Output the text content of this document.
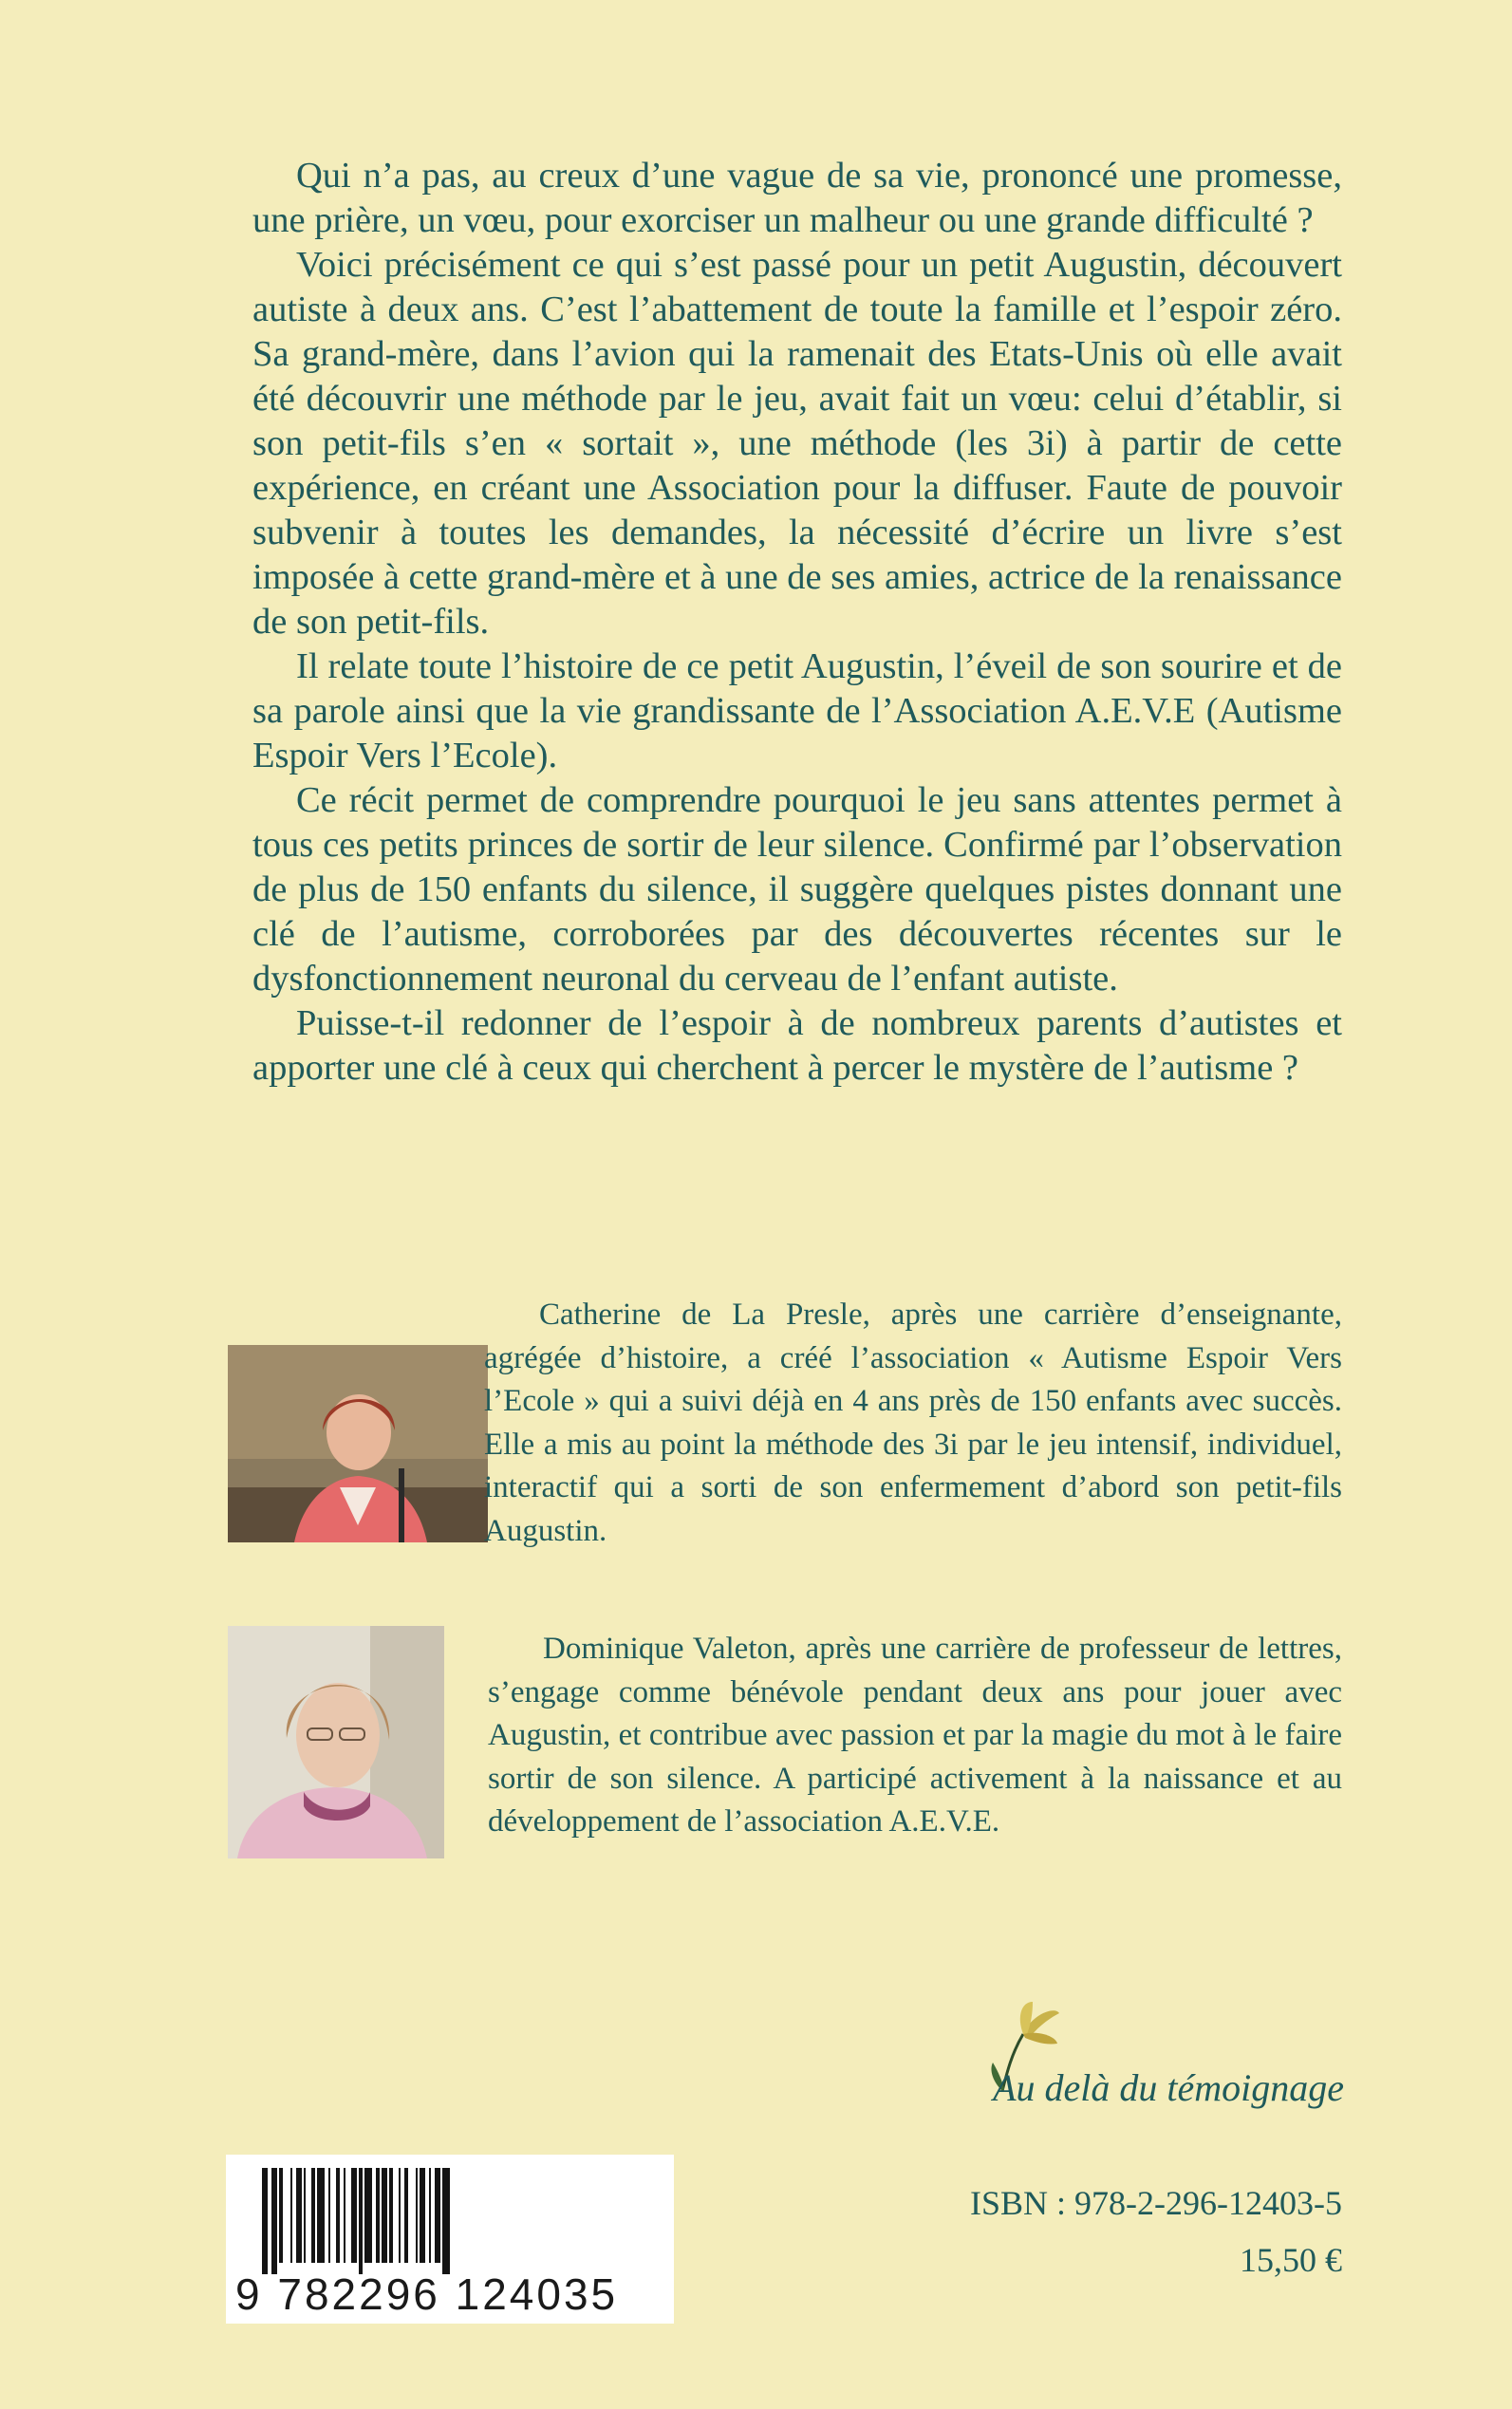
Qui n’a pas, au creux d’une vague de sa vie, prononcé une promesse, une prière, un vœu, pour exorciser un malheur ou une grande difficulté ?

Voici précisément ce qui s’est passé pour un petit Augustin, découvert autiste à deux ans. C’est l’abattement de toute la famille et l’espoir zéro. Sa grand-mère, dans l’avion qui la ramenait des Etats-Unis où elle avait été découvrir une méthode par le jeu, avait fait un vœu: celui d’établir, si son petit-fils s’en « sortait », une méthode (les 3i) à partir de cette expérience, en créant une Association pour la diffuser. Faute de pouvoir subvenir à toutes les demandes, la nécessité d’écrire un livre s’est imposée à cette grand-mère et à une de ses amies, actrice de la renaissance de son petit-fils.

Il relate toute l’histoire de ce petit Augustin, l’éveil de son sourire et de sa parole ainsi que la vie grandissante de l’Association A.E.V.E (Autisme Espoir Vers l’Ecole).

Ce récit permet de comprendre pourquoi le jeu sans attentes permet à tous ces petits princes de sortir de leur silence. Confirmé par l’observation de plus de 150 enfants du silence, il suggère quelques pistes donnant une clé de l’autisme, corroborées par des découvertes récentes sur le dysfonctionnement neuronal du cerveau de l’enfant autiste.

Puisse-t-il redonner de l’espoir à de nombreux parents d’autistes et apporter une clé à ceux qui cherchent à percer le mystère de l’autisme ?

Catherine de La Presle, après une carrière d’enseignante, agrégée d’histoire, a créé l’association « Autisme Espoir Vers l’Ecole » qui a suivi déjà en 4 ans près de 150 enfants avec succès. Elle a mis au point la méthode des 3i par le jeu intensif, individuel, interactif qui a sorti de son enfermement d’abord son petit-fils Augustin.

Dominique Valeton, après une carrière de professeur de lettres, s’engage comme bénévole pendant deux ans pour jouer avec Augustin, et contribue avec passion et par la magie du mot à le faire sortir de son silence. A participé activement à la naissance et au développement de l’association A.E.V.E.

Au delà du témoignage
9 782296 124035
ISBN : 978-2-296-12403-5
15,50 €
